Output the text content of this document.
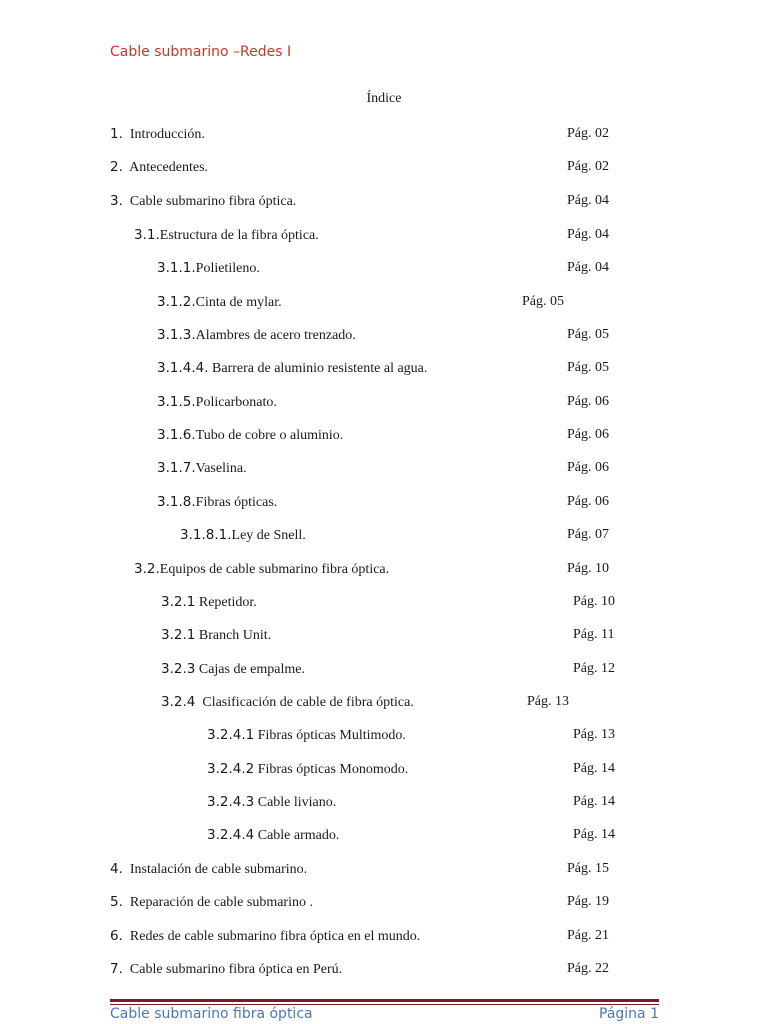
Cable submarino –Redes I
Índice
1. Introducción.	Pág. 02
2. Antecedentes.	Pág. 02
3. Cable submarino fibra óptica.	Pág. 04
3.1.Estructura de la fibra óptica.	Pág. 04
3.1.1.Polietileno.	Pág. 04
3.1.2.Cinta de mylar.	Pág. 05
3.1.3.Alambres de acero trenzado.	Pág. 05
3.1.4.4. Barrera de aluminio resistente al agua.	Pág. 05
3.1.5.Policarbonato.	Pág. 06
3.1.6.Tubo de cobre o aluminio.	Pág. 06
3.1.7.Vaselina.	Pág. 06
3.1.8.Fibras ópticas.	Pág. 06
3.1.8.1.Ley de Snell.	Pág. 07
3.2.Equipos de cable submarino fibra óptica.	Pág. 10
3.2.1 Repetidor.	Pág. 10
3.2.1 Branch Unit.	Pág. 11
3.2.3 Cajas de empalme.	Pág. 12
3.2.4 Clasificación de cable de fibra óptica.	Pág. 13
3.2.4.1 Fibras ópticas Multimodo.	Pág. 13
3.2.4.2 Fibras ópticas Monomodo.	Pág. 14
3.2.4.3 Cable liviano.	Pág. 14
3.2.4.4 Cable armado.	Pág. 14
4. Instalación de cable submarino.	Pág. 15
5. Reparación de cable submarino .	Pág. 19
6. Redes de cable submarino fibra óptica en el mundo.	Pág. 21
7. Cable submarino fibra óptica en Perú.	Pág. 22
Cable submarino fibra óptica	Página 1
